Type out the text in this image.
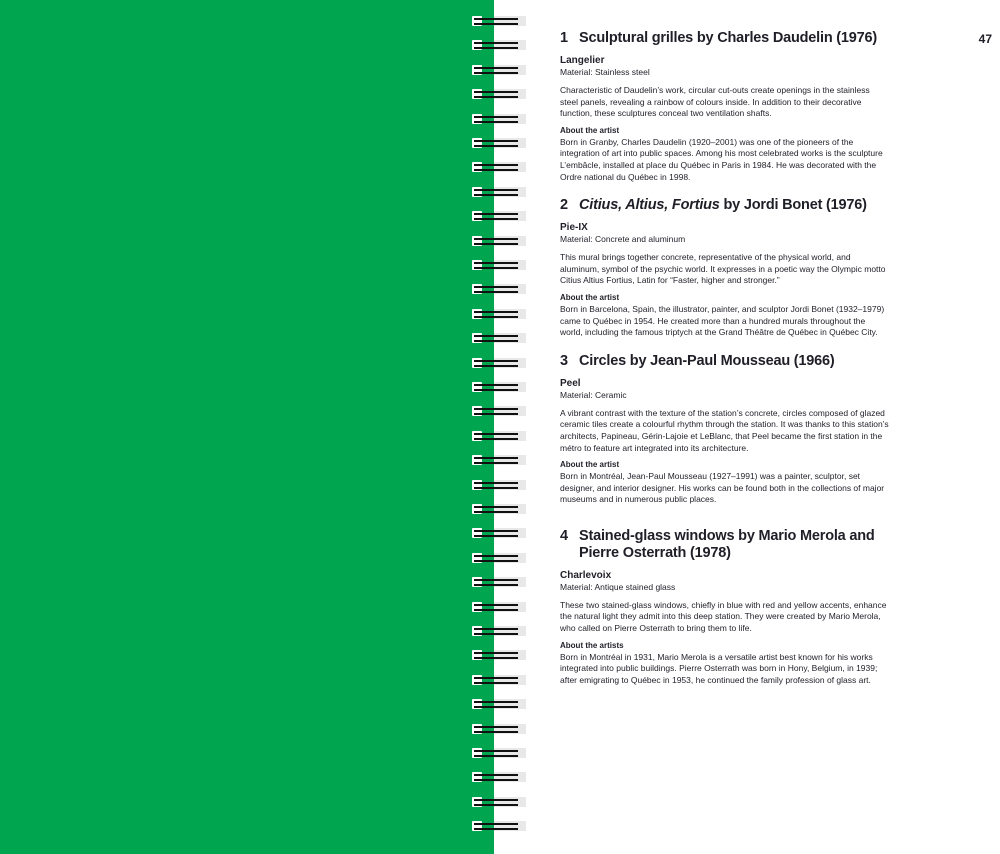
47
1 Sculptural grilles by Charles Daudelin (1976)
Langelier
Material: Stainless steel

Characteristic of Daudelin’s work, circular cut-outs create openings in the stainless steel panels, revealing a rainbow of colours inside. In addition to their decorative function, these sculptures conceal two ventilation shafts.

About the artist

Born in Granby, Charles Daudelin (1920–2001) was one of the pioneers of the integration of art into public spaces. Among his most celebrated works is the sculpture L’embâcle, installed at place du Québec in Paris in 1984. He was decorated with the Ordre national du Québec in 1998.

2 Citius, Altius, Fortius by Jordi Bonet (1976)
Pie-IX
Material: Concrete and aluminum

This mural brings together concrete, representative of the physical world, and aluminum, symbol of the psychic world. It expresses in a poetic way the Olympic motto Citius Altius Fortius, Latin for “Faster, higher and stronger.”

About the artist

Born in Barcelona, Spain, the illustrator, painter, and sculptor Jordi Bonet (1932–1979) came to Québec in 1954. He created more than a hundred murals throughout the world, including the famous triptych at the Grand Théâtre de Québec in Québec City.

3 Circles by Jean-Paul Mousseau (1966)
Peel
Material: Ceramic

A vibrant contrast with the texture of the station’s concrete, circles composed of glazed ceramic tiles create a colourful rhythm through the station. It was thanks to this station’s architects, Papineau, Gérin-Lajoie et LeBlanc, that Peel became the first station in the métro to feature art integrated into its architecture.

About the artist

Born in Montréal, Jean-Paul Mousseau (1927–1991) was a painter, sculptor, set designer, and interior designer. His works can be found both in the collections of major museums and in numerous public places.

4 Stained-glass windows by Mario Merola and Pierre Osterrath (1978)
Charlevoix
Material: Antique stained glass

These two stained-glass windows, chiefly in blue with red and yellow accents, enhance the natural light they admit into this deep station. They were created by Mario Merola, who called on Pierre Osterrath to bring them to life.

About the artists

Born in Montréal in 1931, Mario Merola is a versatile artist best known for his works integrated into public buildings. Pierre Osterrath was born in Hony, Belgium, in 1939; after emigrating to Québec in 1953, he continued the family profession of glass art.
